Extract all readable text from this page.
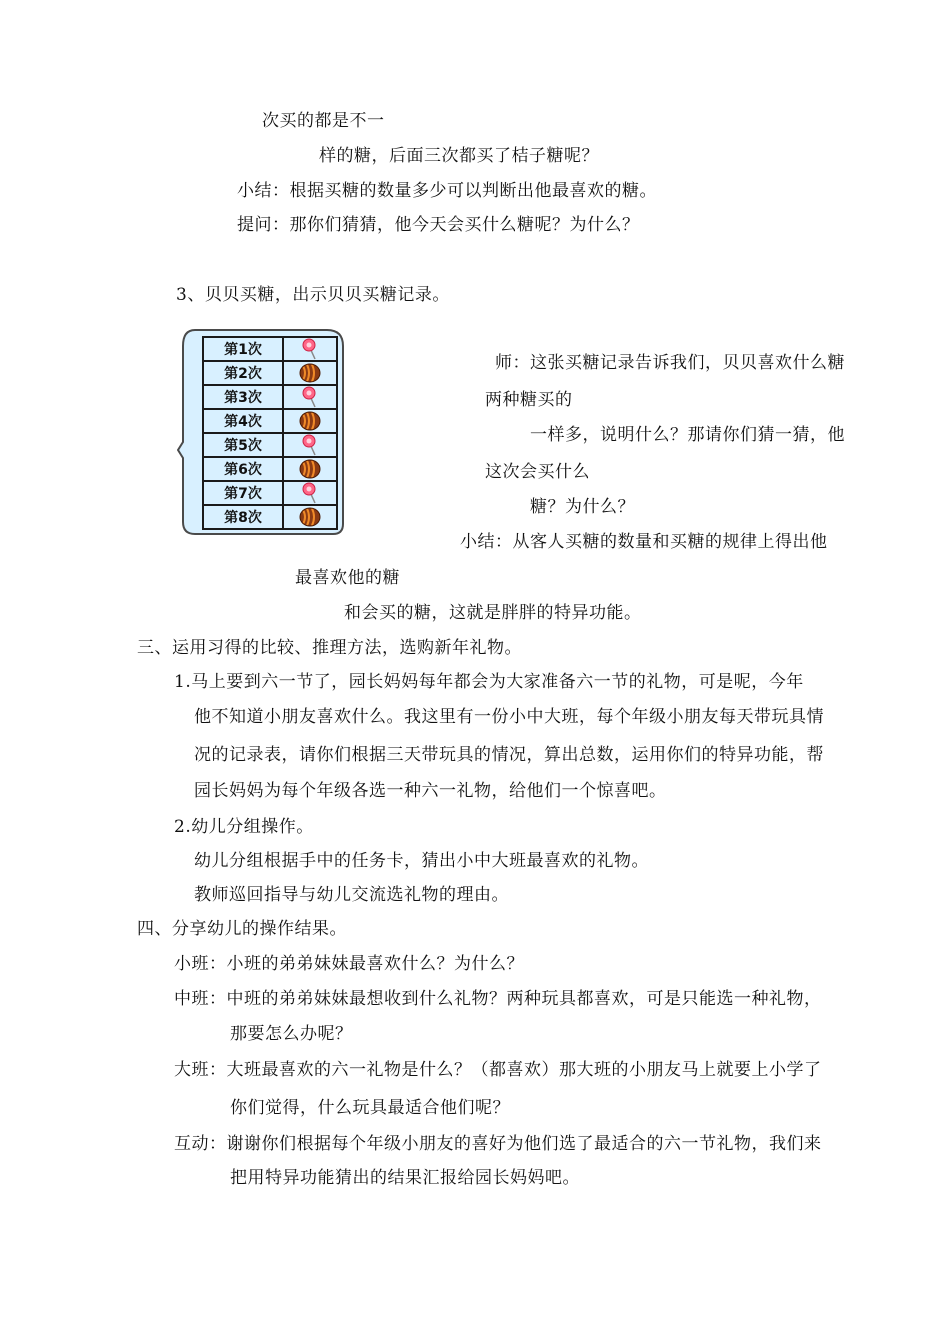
次买的都是不一
样的糖，后面三次都买了桔子糖呢？
小结：根据买糖的数量多少可以判断出他最喜欢的糖。
提问：那你们猜猜，他今天会买什么糖呢？为什么？
3、贝贝买糖，出示贝贝买糖记录。
第1次	

第2次	

第3次	

第4次	

第5次	

第6次	

第7次	

第8次	
师：这张买糖记录告诉我们，贝贝喜欢什么糖
两种糖买的
一样多，说明什么？那请你们猜一猜，他
这次会买什么
糖？为什么？
小结：从客人买糖的数量和买糖的规律上得出他
最喜欢他的糖
和会买的糖，这就是胖胖的特异功能。
三、运用习得的比较、推理方法，选购新年礼物。
1.马上要到六一节了，园长妈妈每年都会为大家准备六一节的礼物，可是呢，今年
他不知道小朋友喜欢什么。我这里有一份小中大班，每个年级小朋友每天带玩具情
况的记录表，请你们根据三天带玩具的情况，算出总数，运用你们的特异功能，帮
园长妈妈为每个年级各选一种六一礼物，给他们一个惊喜吧。
2.幼儿分组操作。
幼儿分组根据手中的任务卡，猜出小中大班最喜欢的礼物。
教师巡回指导与幼儿交流选礼物的理由。
四、分享幼儿的操作结果。
小班：小班的弟弟妹妹最喜欢什么？为什么？
中班：中班的弟弟妹妹最想收到什么礼物？两种玩具都喜欢，可是只能选一种礼物，
那要怎么办呢？
大班：大班最喜欢的六一礼物是什么？（都喜欢）那大班的小朋友马上就要上小学了
你们觉得，什么玩具最适合他们呢？
互动：谢谢你们根据每个年级小朋友的喜好为他们选了最适合的六一节礼物，我们来
把用特异功能猜出的结果汇报给园长妈妈吧。
